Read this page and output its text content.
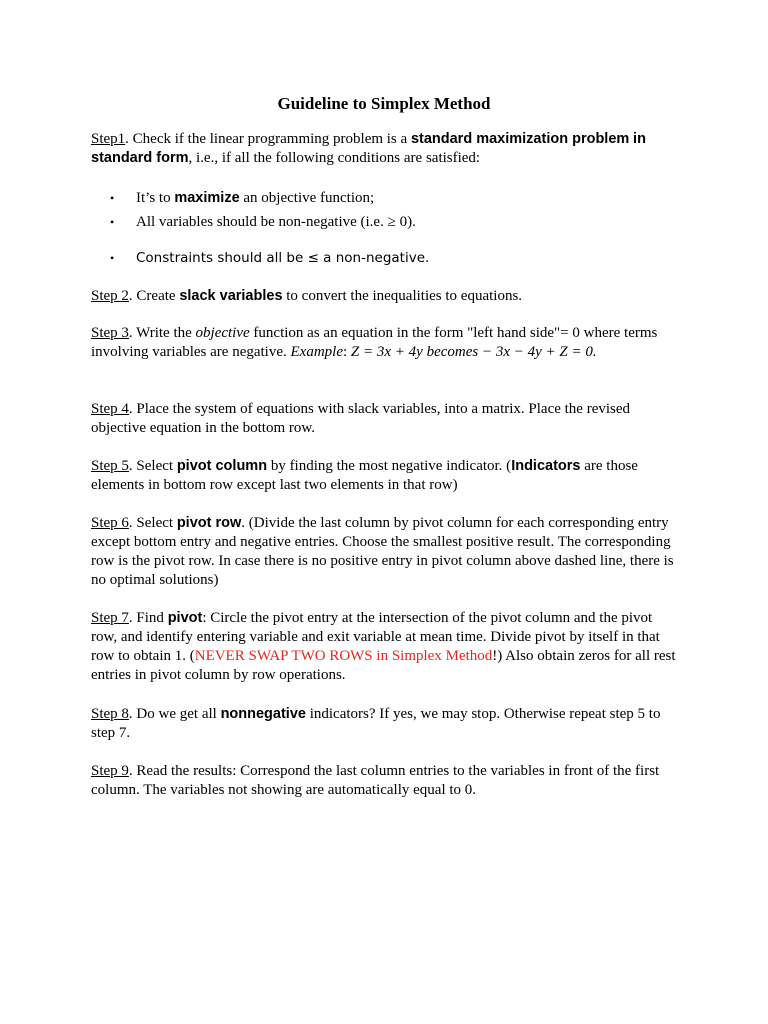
Guideline to Simplex Method

Step1. Check if the linear programming problem is a standard maximization problem in standard form, i.e., if all the following conditions are satisfied:

• It’s to maximize an objective function;
• All variables should be non-negative (i.e. ≥ 0).
• Constraints should all be ≤ a non-negative.

Step 2. Create slack variables to convert the inequalities to equations.

Step 3. Write the objective function as an equation in the form "left hand side"= 0 where terms involving variables are negative. Example: Z = 3x + 4y becomes − 3x − 4y + Z = 0.

Step 4. Place the system of equations with slack variables, into a matrix. Place the revised objective equation in the bottom row.

Step 5. Select pivot column by finding the most negative indicator. (Indicators are those elements in bottom row except last two elements in that row)

Step 6. Select pivot row. (Divide the last column by pivot column for each corresponding entry except bottom entry and negative entries. Choose the smallest positive result. The corresponding row is the pivot row. In case there is no positive entry in pivot column above dashed line, there is no optimal solutions)

Step 7. Find pivot: Circle the pivot entry at the intersection of the pivot column and the pivot row, and identify entering variable and exit variable at mean time. Divide pivot by itself in that row to obtain 1. (NEVER SWAP TWO ROWS in Simplex Method!) Also obtain zeros for all rest entries in pivot column by row operations.

Step 8. Do we get all nonnegative indicators? If yes, we may stop. Otherwise repeat step 5 to step 7.

Step 9. Read the results: Correspond the last column entries to the variables in front of the first column. The variables not showing are automatically equal to 0.
